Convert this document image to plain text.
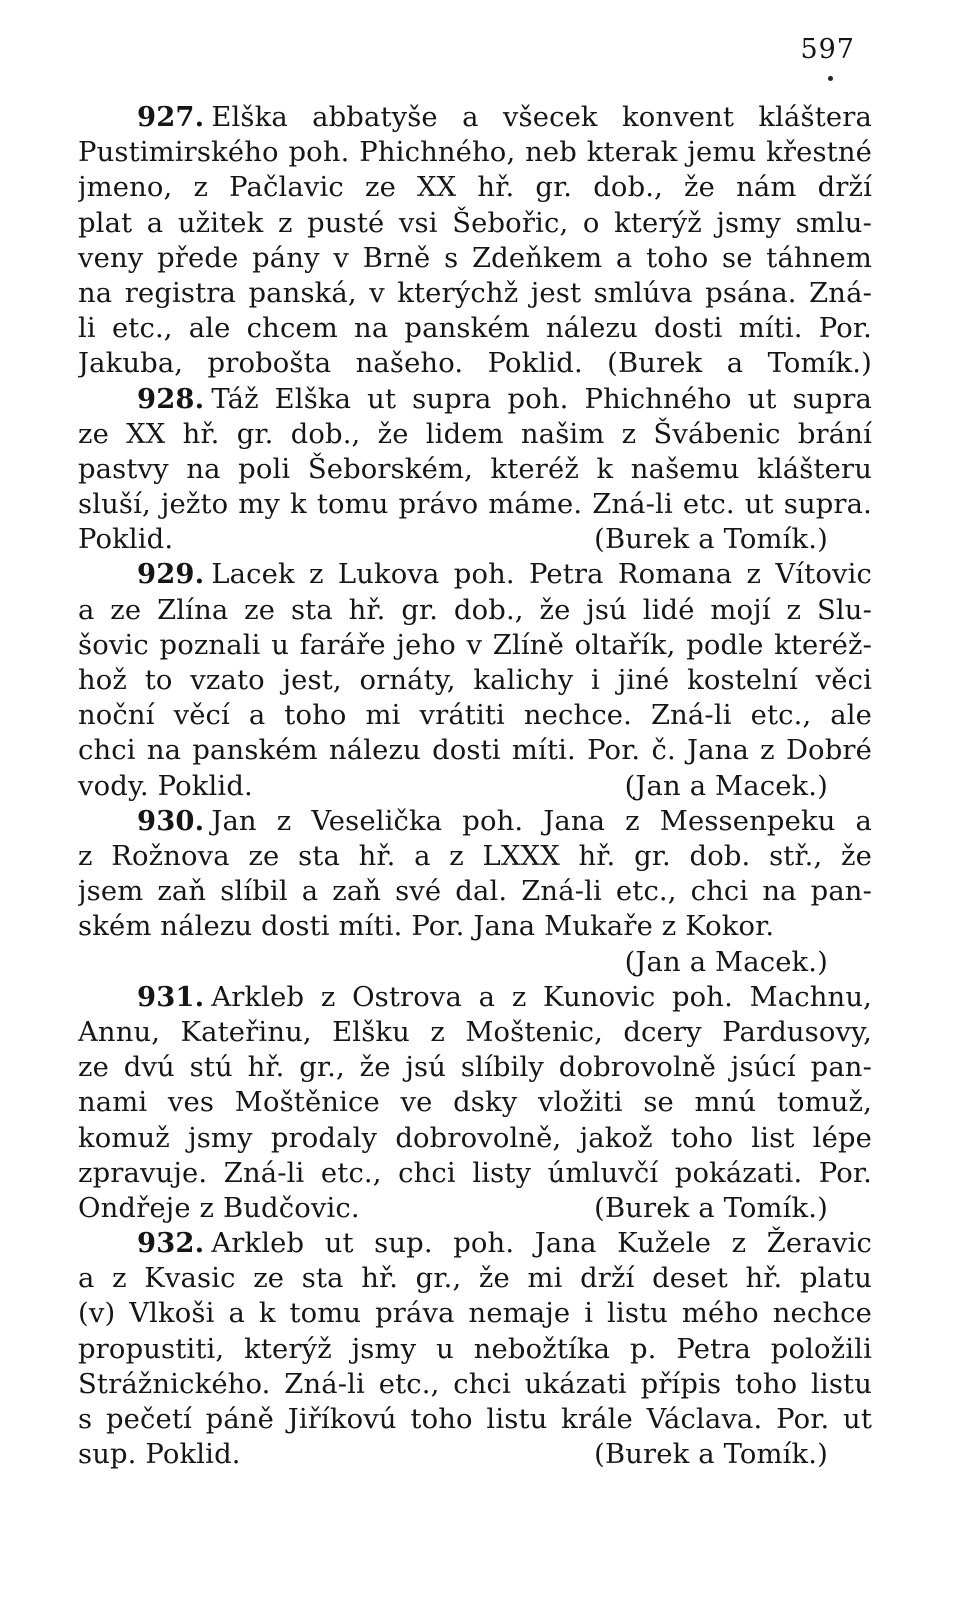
597
927. Elška abbatyše a všecek konvent kláštera
Pustimirského poh. Phichného, neb kterak jemu křestné
jmeno, z Pačlavic ze XX hř. gr. dob., že nám drží
plat a užitek z pusté vsi Šebořic, o kterýž jsmy smlu-
veny přede pány v Brně s Zdeňkem a toho se táhnem
na registra panská, v kterýchž jest smlúva psána. Zná-
li etc., ale chcem na panském nálezu dosti míti. Por.
Jakuba, probošta našeho. Poklid. (Burek a Tomík.)
928. Táž Elška ut supra poh. Phichného ut supra
ze XX hř. gr. dob., že lidem našim z Švábenic brání
pastvy na poli Šeborském, kteréž k našemu klášteru
sluší, ježto my k tomu právo máme. Zná-li etc. ut supra.
Poklid.	(Burek a Tomík.)
929. Lacek z Lukova poh. Petra Romana z Vítovic
a ze Zlína ze sta hř. gr. dob., že jsú lidé mojí z Slu-
šovic poznali u faráře jeho v Zlíně oltařík, podle kteréž-
hož to vzato jest, ornáty, kalichy i jiné kostelní věci
noční věcí a toho mi vrátiti nechce. Zná-li etc., ale
chci na panském nálezu dosti míti. Por. č. Jana z Dobré
vody. Poklid.	(Jan a Macek.)
930. Jan z Veselička poh. Jana z Messenpeku a
z Rožnova ze sta hř. a z LXXX hř. gr. dob. stř., že
jsem zaň slíbil a zaň své dal. Zná-li etc., chci na pan-
ském nálezu dosti míti. Por. Jana Mukaře z Kokor.
(Jan a Macek.)
931. Arkleb z Ostrova a z Kunovic poh. Machnu,
Annu, Kateřinu, Elšku z Moštenic, dcery Pardusovy,
ze dvú stú hř. gr., že jsú slíbily dobrovolně jsúcí pan-
nami ves Moštěnice ve dsky vložiti se mnú tomuž,
komuž jsmy prodaly dobrovolně, jakož toho list lépe
zpravuje. Zná-li etc., chci listy úmluvčí pokázati. Por.
Ondřeje z Budčovic.	(Burek a Tomík.)
932. Arkleb ut sup. poh. Jana Kužele z Žeravic
a z Kvasic ze sta hř. gr., že mi drží deset hř. platu
(v) Vlkoši a k tomu práva nemaje i listu mého nechce
propustiti, kterýž jsmy u nebožtíka p. Petra položili
Strážnického. Zná-li etc., chci ukázati přípis toho listu
s pečetí páně Jiříkovú toho listu krále Václava. Por. ut
sup. Poklid.	(Burek a Tomík.)
